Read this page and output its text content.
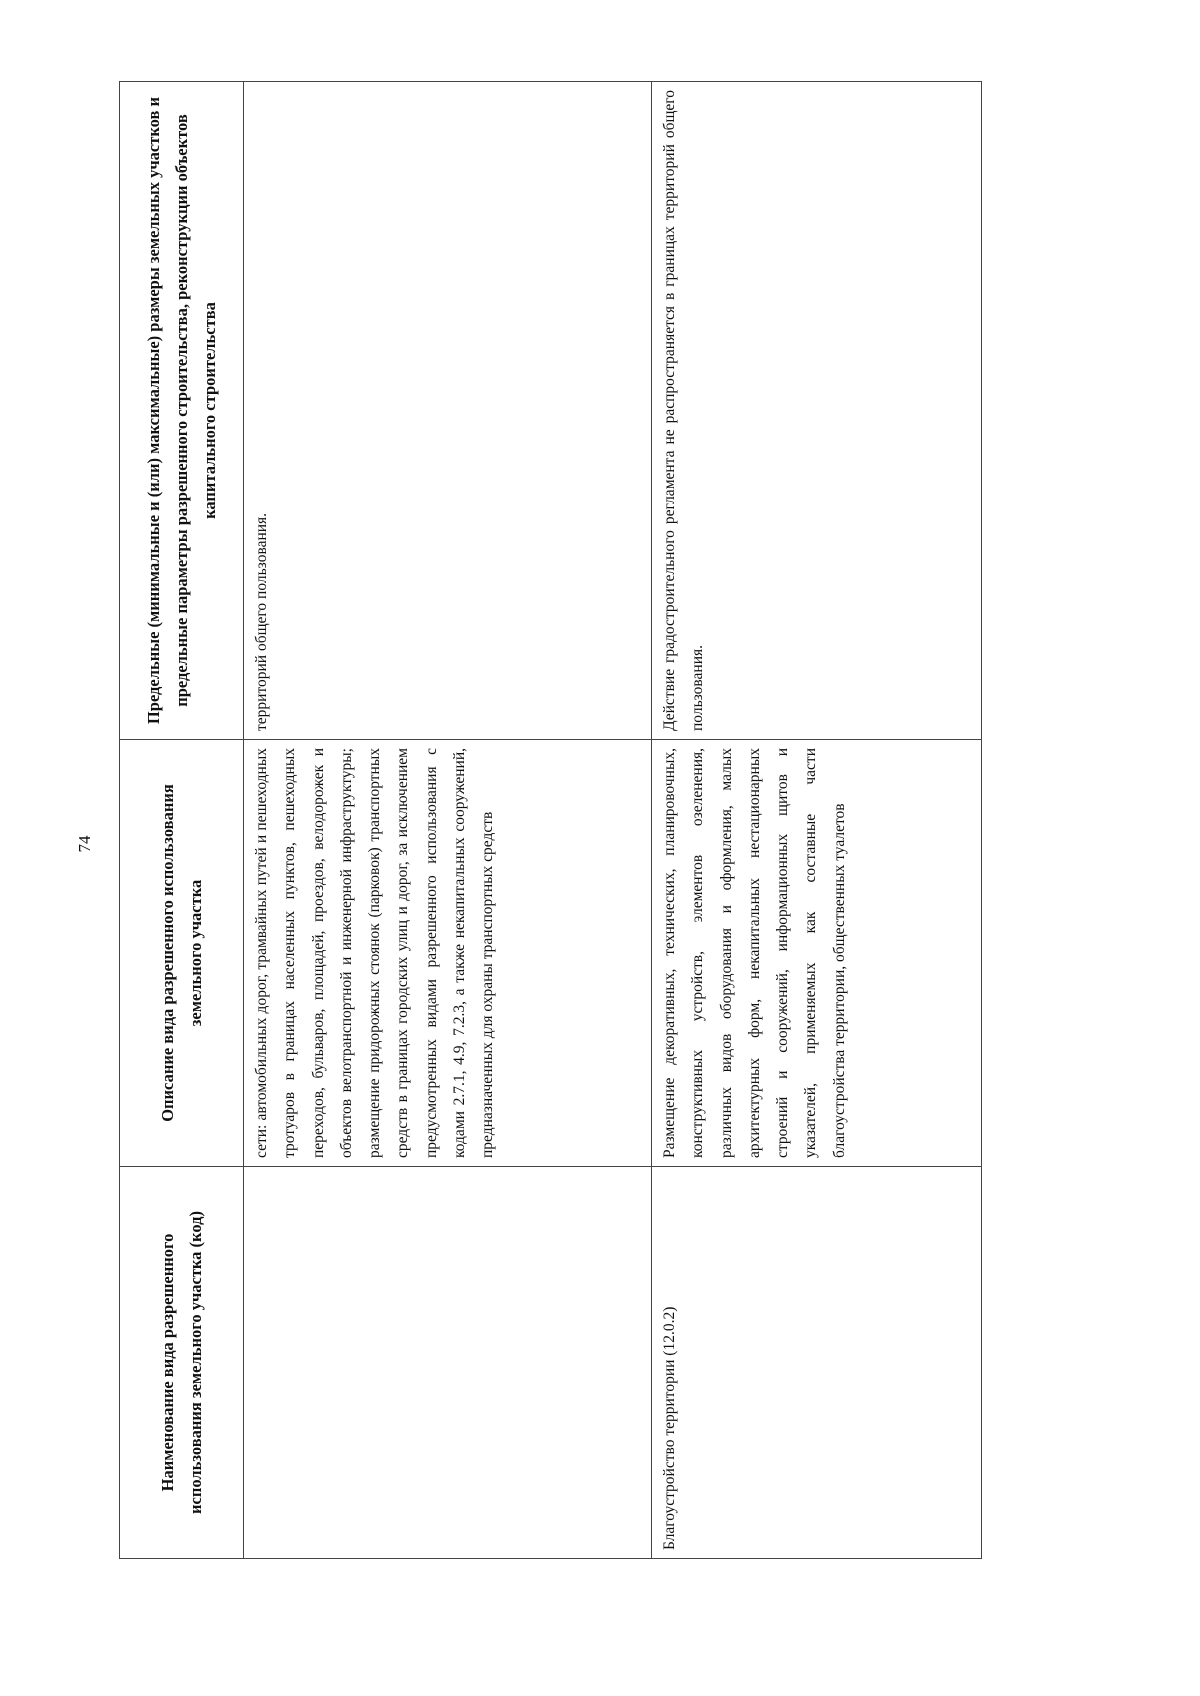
74
Наименование вида разрешенного использования земельного участка (код)	Описание вида разрешенного использования земельного участка	Предельные (минимальные и (или) максимальные) размеры земельных участков и предельные параметры разрешенного строительства, реконструкции объектов капитального строительства
	сети: автомобильных дорог, трамвайных путей и пешеходных тротуаров в границах населенных пунктов, пешеходных переходов, бульваров, площадей, проездов, велодорожек и объектов велотранспортной и инженерной инфраструктуры; размещение придорожных стоянок (парковок) транспортных средств в границах городских улиц и дорог, за исключением предусмотренных видами разрешенного использования с кодами 2.7.1, 4.9, 7.2.3, а также некапитальных сооружений, предназначенных для охраны транспортных средств	территорий общего пользования.
Благоустройство территории (12.0.2)	Размещение декоративных, технических, планировочных, конструктивных устройств, элементов озеленения, различных видов оборудования и оформления, малых архитектурных форм, некапитальных нестационарных строений и сооружений, информационных щитов и указателей, применяемых как составные части благоустройства территории, общественных туалетов	Действие градостроительного регламента не распространяется в границах территорий общего пользования.
